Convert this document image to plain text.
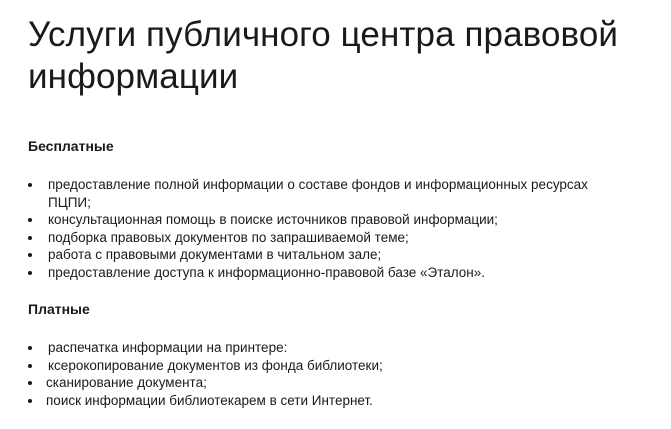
Услуги публичного центра правовой информации
Бесплатные
предоставление полной информации о составе фондов и информационных ресурсах ПЦПИ;
консультационная помощь в поиске источников правовой информации;
подборка правовых документов по запрашиваемой теме;
работа с правовыми документами в читальном зале;
предоставление доступа к информационно-правовой базе «Эталон».
Платные
распечатка информации на принтере:
ксерокопирование документов из фонда библиотеки;
сканирование документа;
поиск информации библиотекарем в сети Интернет.
